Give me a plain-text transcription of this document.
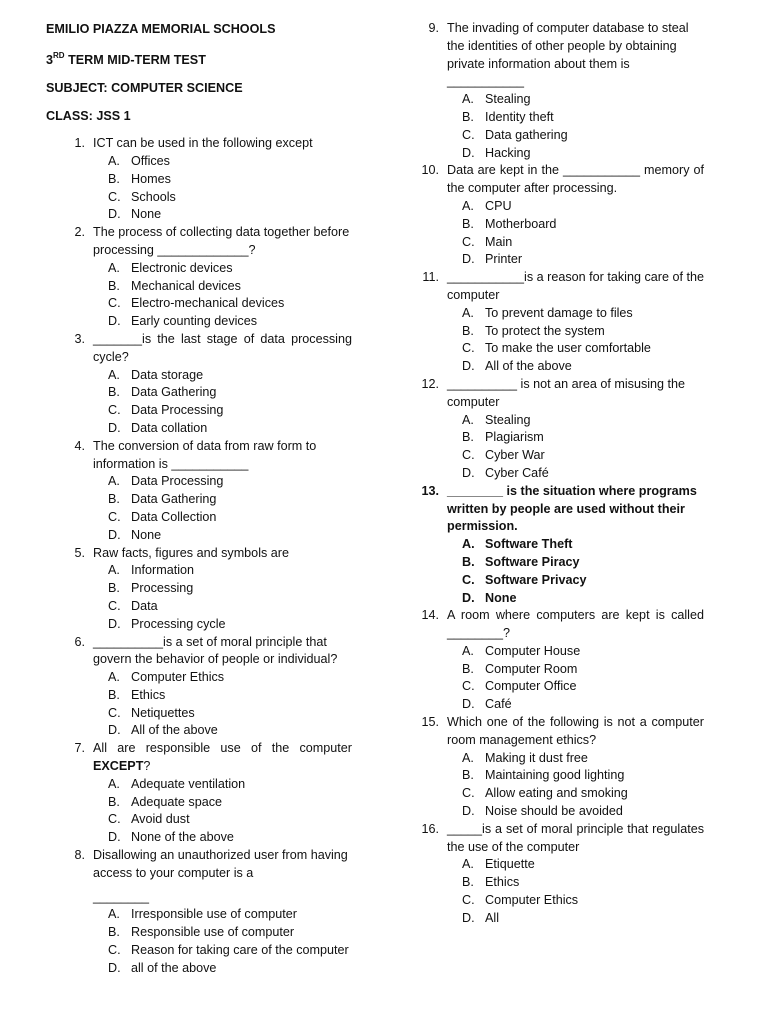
EMILIO PIAZZA MEMORIAL SCHOOLS
3RD TERM MID-TERM TEST
SUBJECT: COMPUTER SCIENCE
CLASS: JSS 1
1. ICT can be used in the following except
A. Offices
B. Homes
C. Schools
D. None
2. The process of collecting data together before processing _____________?
A. Electronic devices
B. Mechanical devices
C. Electro-mechanical devices
D. Early counting devices
3. _______is the last stage of data processing cycle?
A. Data storage
B. Data Gathering
C. Data Processing
D. Data collation
4. The conversion of data from raw form to information is ___________
A. Data Processing
B. Data Gathering
C. Data Collection
D. None
5. Raw facts, figures and symbols are
A. Information
B. Processing
C. Data
D. Processing cycle
6. __________is a set of moral principle that govern the behavior of people or individual?
A. Computer Ethics
B. Ethics
C. Netiquettes
D. All of the above
7. All are responsible use of the computer EXCEPT?
A. Adequate ventilation
B. Adequate space
C. Avoid dust
D. None of the above
8. Disallowing an unauthorized user from having access to your computer is a
________
A. Irresponsible use of computer
B. Responsible use of computer
C. Reason for taking care of the computer
D. all of the above
9. The invading of computer database to steal the identities of other people by obtaining private information about them is ___________
A. Stealing
B. Identity theft
C. Data gathering
D. Hacking
10. Data are kept in the ___________ memory of the computer after processing.
A. CPU
B. Motherboard
C. Main
D. Printer
11. ___________is a reason for taking care of the computer
A. To prevent damage to files
B. To protect the system
C. To make the user comfortable
D. All of the above
12. __________ is not an area of misusing the computer
A. Stealing
B. Plagiarism
C. Cyber War
D. Cyber Café
13. ________ is the situation where programs written by people are used without their permission.
A. Software Theft
B. Software Piracy
C. Software Privacy
D. None
14. A room where computers are kept is called ________?
A. Computer House
B. Computer Room
C. Computer Office
D. Café
15. Which one of the following is not a computer room management ethics?
A. Making it dust free
B. Maintaining good lighting
C. Allow eating and smoking
D. Noise should be avoided
16. _____is a set of moral principle that regulates the use of the computer
A. Etiquette
B. Ethics
C. Computer Ethics
D. All
